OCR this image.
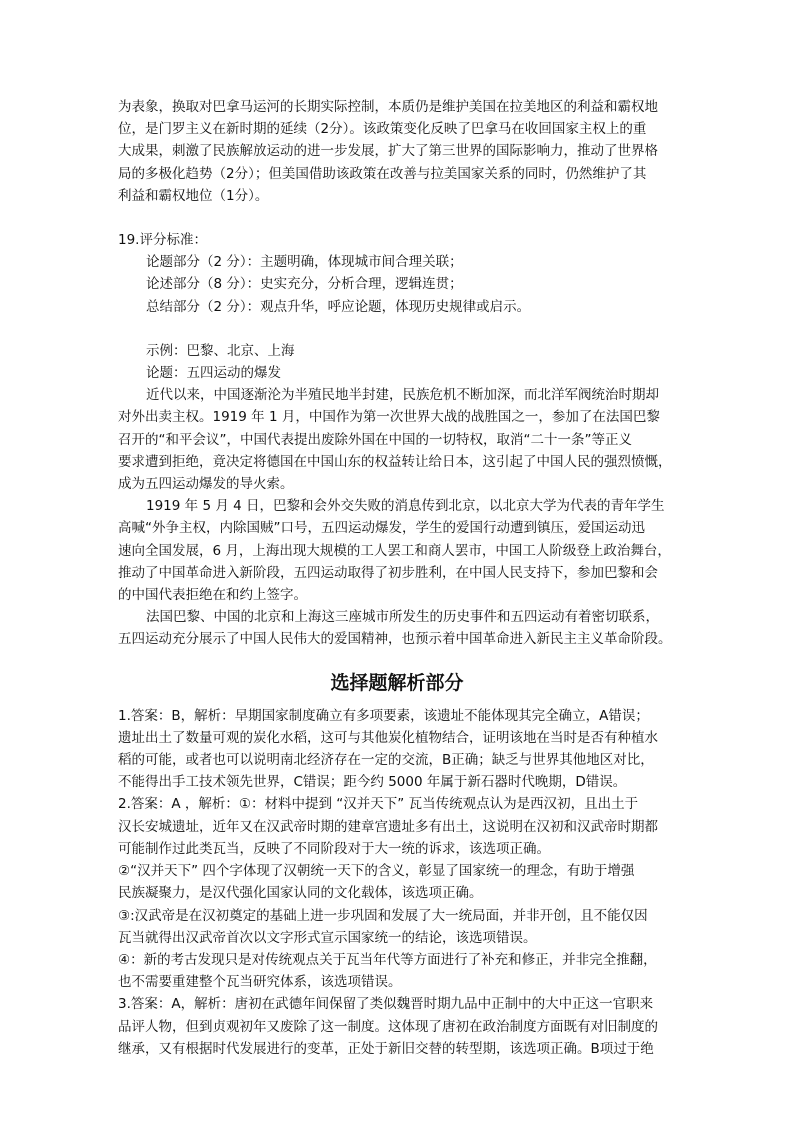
为表象，换取对巴拿马运河的长期实际控制，本质仍是维护美国在拉美地区的利益和霸权地

位，是门罗主义在新时期的延续（2分）。该政策变化反映了巴拿马在收回国家主权上的重

大成果，刺激了民族解放运动的进一步发展，扩大了第三世界的国际影响力，推动了世界格

局的多极化趋势（2分）；但美国借助该政策在改善与拉美国家关系的同时，仍然维护了其

利益和霸权地位（1分）。

19.评分标准：

论题部分（2 分）：主题明确，体现城市间合理关联；

论述部分（8 分）：史实充分，分析合理，逻辑连贯；

总结部分（2 分）：观点升华，呼应论题，体现历史规律或启示。

示例：巴黎、北京、上海

论题：五四运动的爆发

近代以来，中国逐渐沦为半殖民地半封建，民族危机不断加深，而北洋军阀统治时期却

对外出卖主权。1919 年 1 月，中国作为第一次世界大战的战胜国之一，参加了在法国巴黎

召开的“和平会议”，中国代表提出废除外国在中国的一切特权，取消“二十一条”等正义

要求遭到拒绝，竟决定将德国在中国山东的权益转让给日本，这引起了中国人民的强烈愤慨，

成为五四运动爆发的导火索。

1919 年 5 月 4 日，巴黎和会外交失败的消息传到北京，以北京大学为代表的青年学生

高喊“外争主权，内除国贼”口号，五四运动爆发，学生的爱国行动遭到镇压，爱国运动迅

速向全国发展，6 月，上海出现大规模的工人罢工和商人罢市，中国工人阶级登上政治舞台，

推动了中国革命进入新阶段，五四运动取得了初步胜利，在中国人民支持下，参加巴黎和会

的中国代表拒绝在和约上签字。

法国巴黎、中国的北京和上海这三座城市所发生的历史事件和五四运动有着密切联系，

五四运动充分展示了中国人民伟大的爱国精神，也预示着中国革命进入新民主主义革命阶段。

选择题解析部分

1.答案：B，解析：早期国家制度确立有多项要素，该遗址不能体现其完全确立，A错误；

遗址出土了数量可观的炭化水稻，这可与其他炭化植物结合，证明该地在当时是否有种植水

稻的可能，或者也可以说明南北经济存在一定的交流，B正确；缺乏与世界其他地区对比，

不能得出手工技术领先世界，C错误；距今约 5000 年属于新石器时代晚期，D错误。

2.答案：A ，解析：①：材料中提到 “汉并天下” 瓦当传统观点认为是西汉初，且出土于

汉长安城遗址，近年又在汉武帝时期的建章宫遗址多有出土，这说明在汉初和汉武帝时期都

可能制作过此类瓦当，反映了不同阶段对于大一统的诉求，该选项正确。

②“汉并天下” 四个字体现了汉朝统一天下的含义，彰显了国家统一的理念，有助于增强

民族凝聚力，是汉代强化国家认同的文化载体，该选项正确。

③:汉武帝是在汉初奠定的基础上进一步巩固和发展了大一统局面，并非开创，且不能仅因

瓦当就得出汉武帝首次以文字形式宣示国家统一的结论，该选项错误。

④：新的考古发现只是对传统观点关于瓦当年代等方面进行了补充和修正，并非完全推翻，

也不需要重建整个瓦当研究体系，该选项错误。

3.答案：A，解析：唐初在武德年间保留了类似魏晋时期九品中正制中的大中正这一官职来

品评人物，但到贞观初年又废除了这一制度。这体现了唐初在政治制度方面既有对旧制度的

继承，又有根据时代发展进行的变革，正处于新旧交替的转型期，该选项正确。B项过于绝
